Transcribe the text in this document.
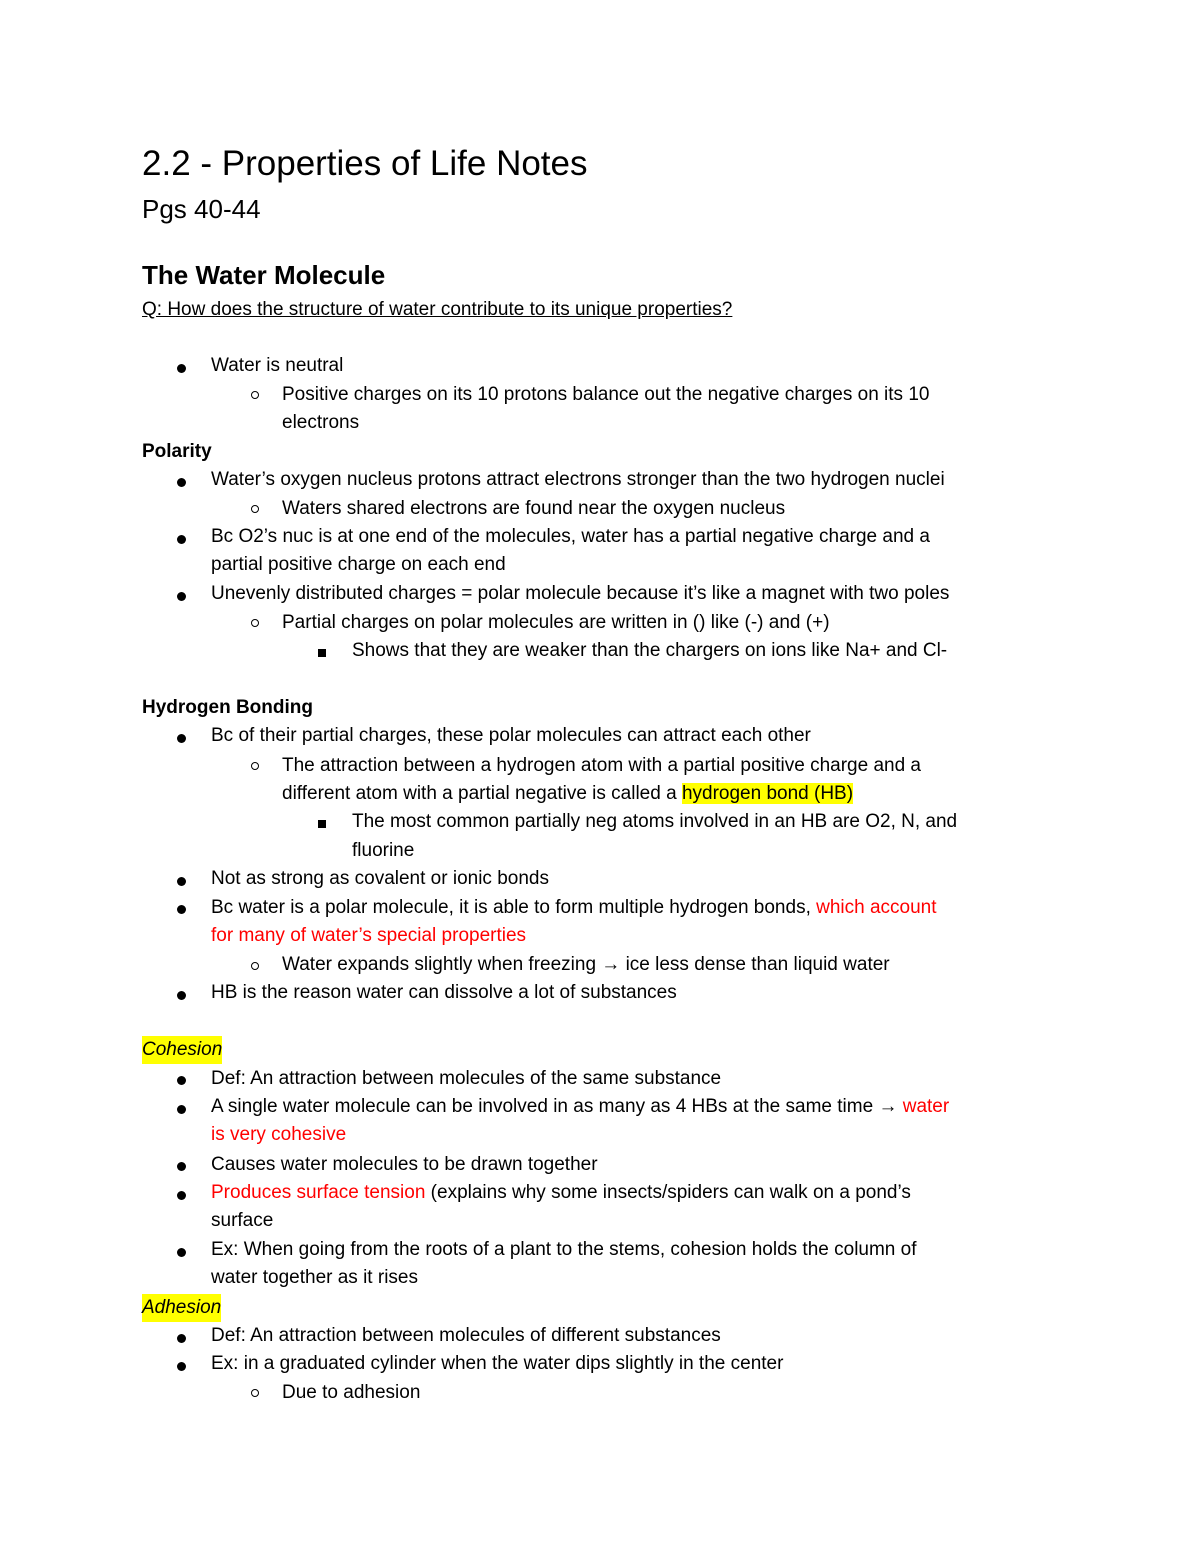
2.2 - Properties of Life Notes
Pgs 40-44
The Water Molecule
Q: How does the structure of water contribute to its unique properties?
Water is neutral
Positive charges on its 10 protons balance out the negative charges on its 10
electrons
Polarity
Water’s oxygen nucleus protons attract electrons stronger than the two hydrogen nuclei
Waters shared electrons are found near the oxygen nucleus
Bc O2’s nuc is at one end of the molecules, water has a partial negative charge and a
partial positive charge on each end
Unevenly distributed charges = polar molecule because it’s like a magnet with two poles
Partial charges on polar molecules are written in () like (-) and (+)
Shows that they are weaker than the chargers on ions like Na+ and Cl-
Hydrogen Bonding
Bc of their partial charges, these polar molecules can attract each other
The attraction between a hydrogen atom with a partial positive charge and a
different atom with a partial negative is called a hydrogen bond (HB)
The most common partially neg atoms involved in an HB are O2, N, and
fluorine
Not as strong as covalent or ionic bonds
Bc water is a polar molecule, it is able to form multiple hydrogen bonds, which account
for many of water’s special properties
Water expands slightly when freezing → ice less dense than liquid water
HB is the reason water can dissolve a lot of substances
Cohesion
Def: An attraction between molecules of the same substance
A single water molecule can be involved in as many as 4 HBs at the same time → water
is very cohesive
Causes water molecules to be drawn together
Produces surface tension (explains why some insects/spiders can walk on a pond’s
surface
Ex: When going from the roots of a plant to the stems, cohesion holds the column of
water together as it rises
Adhesion
Def: An attraction between molecules of different substances
Ex: in a graduated cylinder when the water dips slightly in the center
Due to adhesion
